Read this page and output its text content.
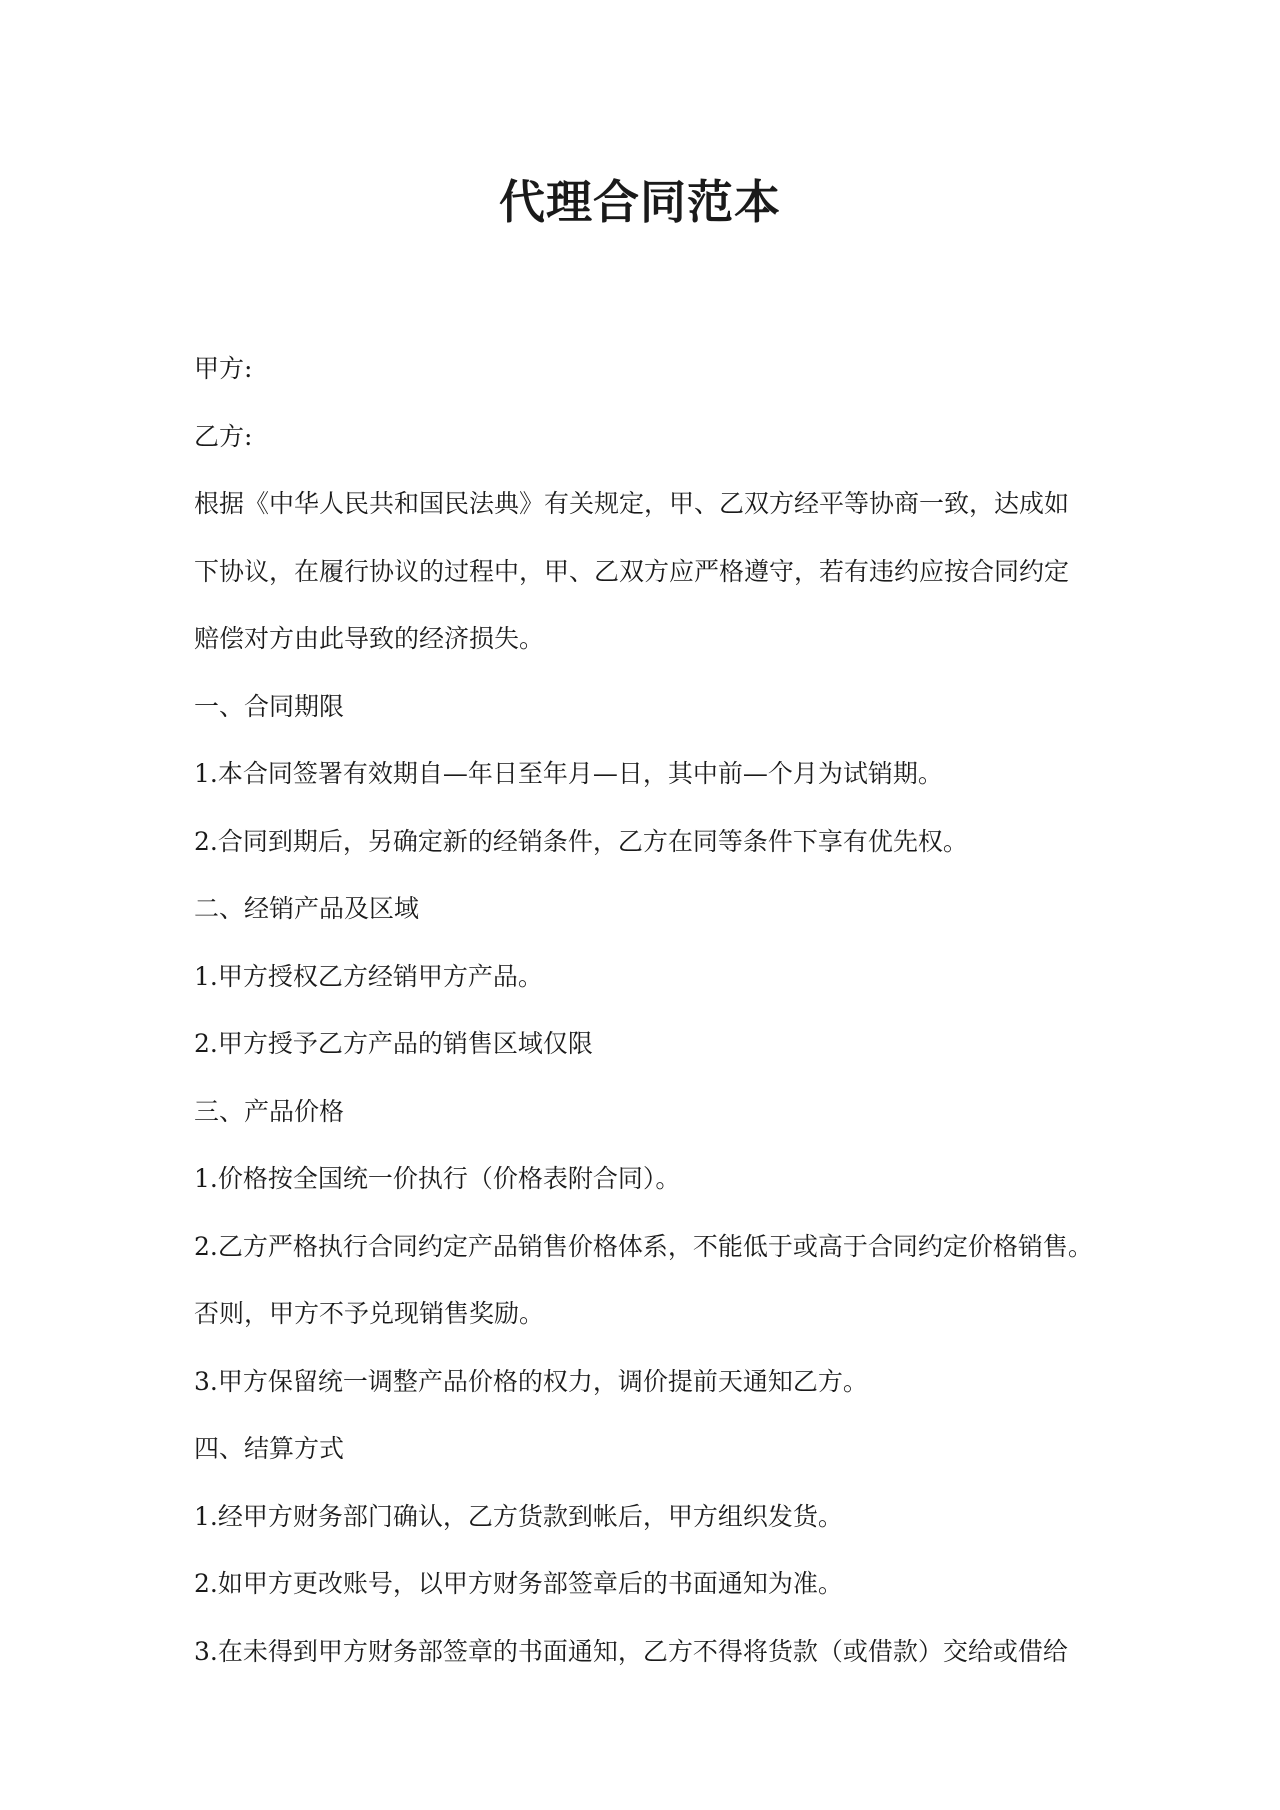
代理合同范本

甲方:

乙方:

根据《中华人民共和国民法典》有关规定，甲、乙双方经平等协商一致，达成如

下协议，在履行协议的过程中，甲、乙双方应严格遵守，若有违约应按合同约定

赔偿对方由此导致的经济损失。

一、合同期限

1.本合同签署有效期自—年日至年月—日，其中前—个月为试销期。

2.合同到期后，另确定新的经销条件，乙方在同等条件下享有优先权。

二、经销产品及区域

1.甲方授权乙方经销甲方产品。

2.甲方授予乙方产品的销售区域仅限

三、产品价格

1.价格按全国统一价执行（价格表附合同）。

2.乙方严格执行合同约定产品销售价格体系，不能低于或高于合同约定价格销售。

否则，甲方不予兑现销售奖励。

3.甲方保留统一调整产品价格的权力，调价提前天通知乙方。

四、结算方式

1.经甲方财务部门确认，乙方货款到帐后，甲方组织发货。

2.如甲方更改账号，以甲方财务部签章后的书面通知为准。

3.在未得到甲方财务部签章的书面通知，乙方不得将货款（或借款）交给或借给
